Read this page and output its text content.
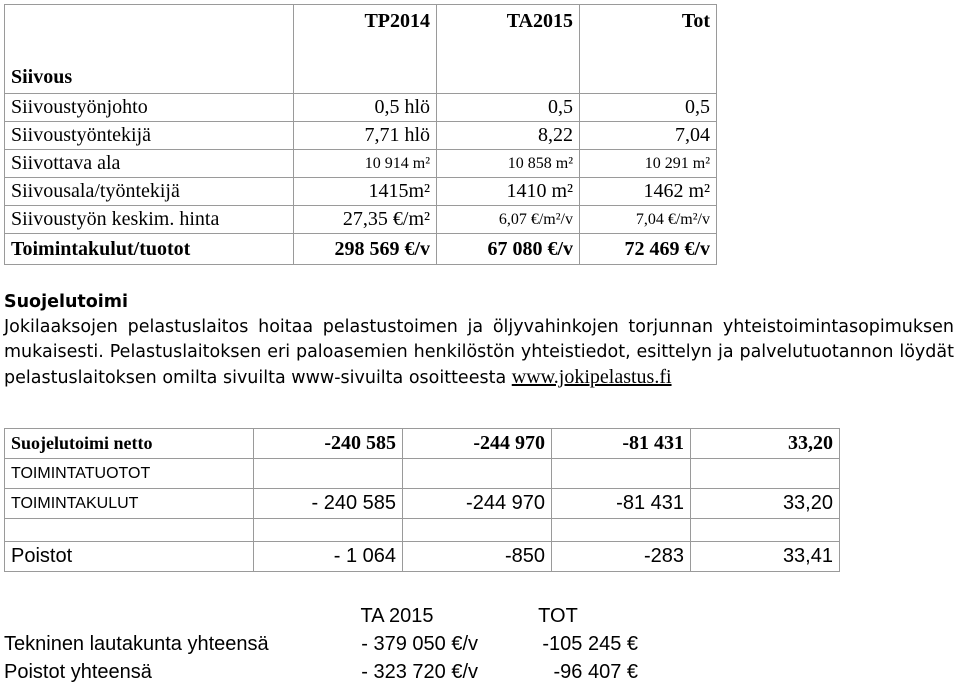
Siivous	TP2014	TA2015	Tot
Siivoustyönjohto	0,5 hlö	0,5	0,5
Siivoustyöntekijä	7,71 hlö	8,22	7,04
Siivottava ala	10 914 m²	10 858 m²	10 291 m²
Siivousala/työntekijä	1415m²	1410 m²	1462 m²
Siivoustyön keskim. hinta	27,35 €/m²	6,07 €/m²/v	7,04 €/m²/v
Toimintakulut/tuotot	298 569 €/v	67 080 €/v	72 469 €/v
Suojelutoimi
Jokilaaksojen pelastuslaitos hoitaa pelastustoimen ja öljyvahinkojen torjunnan yhteistoimintasopimuksen mukaisesti. Pelastuslaitoksen eri paloasemien henkilöstön yhteistiedot, esittelyn ja palvelutuotannon löydät pelastuslaitoksen omilta sivuilta www-sivuilta osoitteesta www.jokipelastus.fi
Suojelutoimi netto	-240 585	-244 970	-81 431	33,20
TOIMINTATUOTOT				
TOIMINTAKULUT	- 240 585	-244 970	-81 431	33,20

Poistot	- 1 064	-850	-283	33,41
	TA 2015	TOT
Tekninen lautakunta yhteensä	- 379 050 €/v	-105 245 €
Poistot yhteensä	- 323 720 €/v	-96 407 €
